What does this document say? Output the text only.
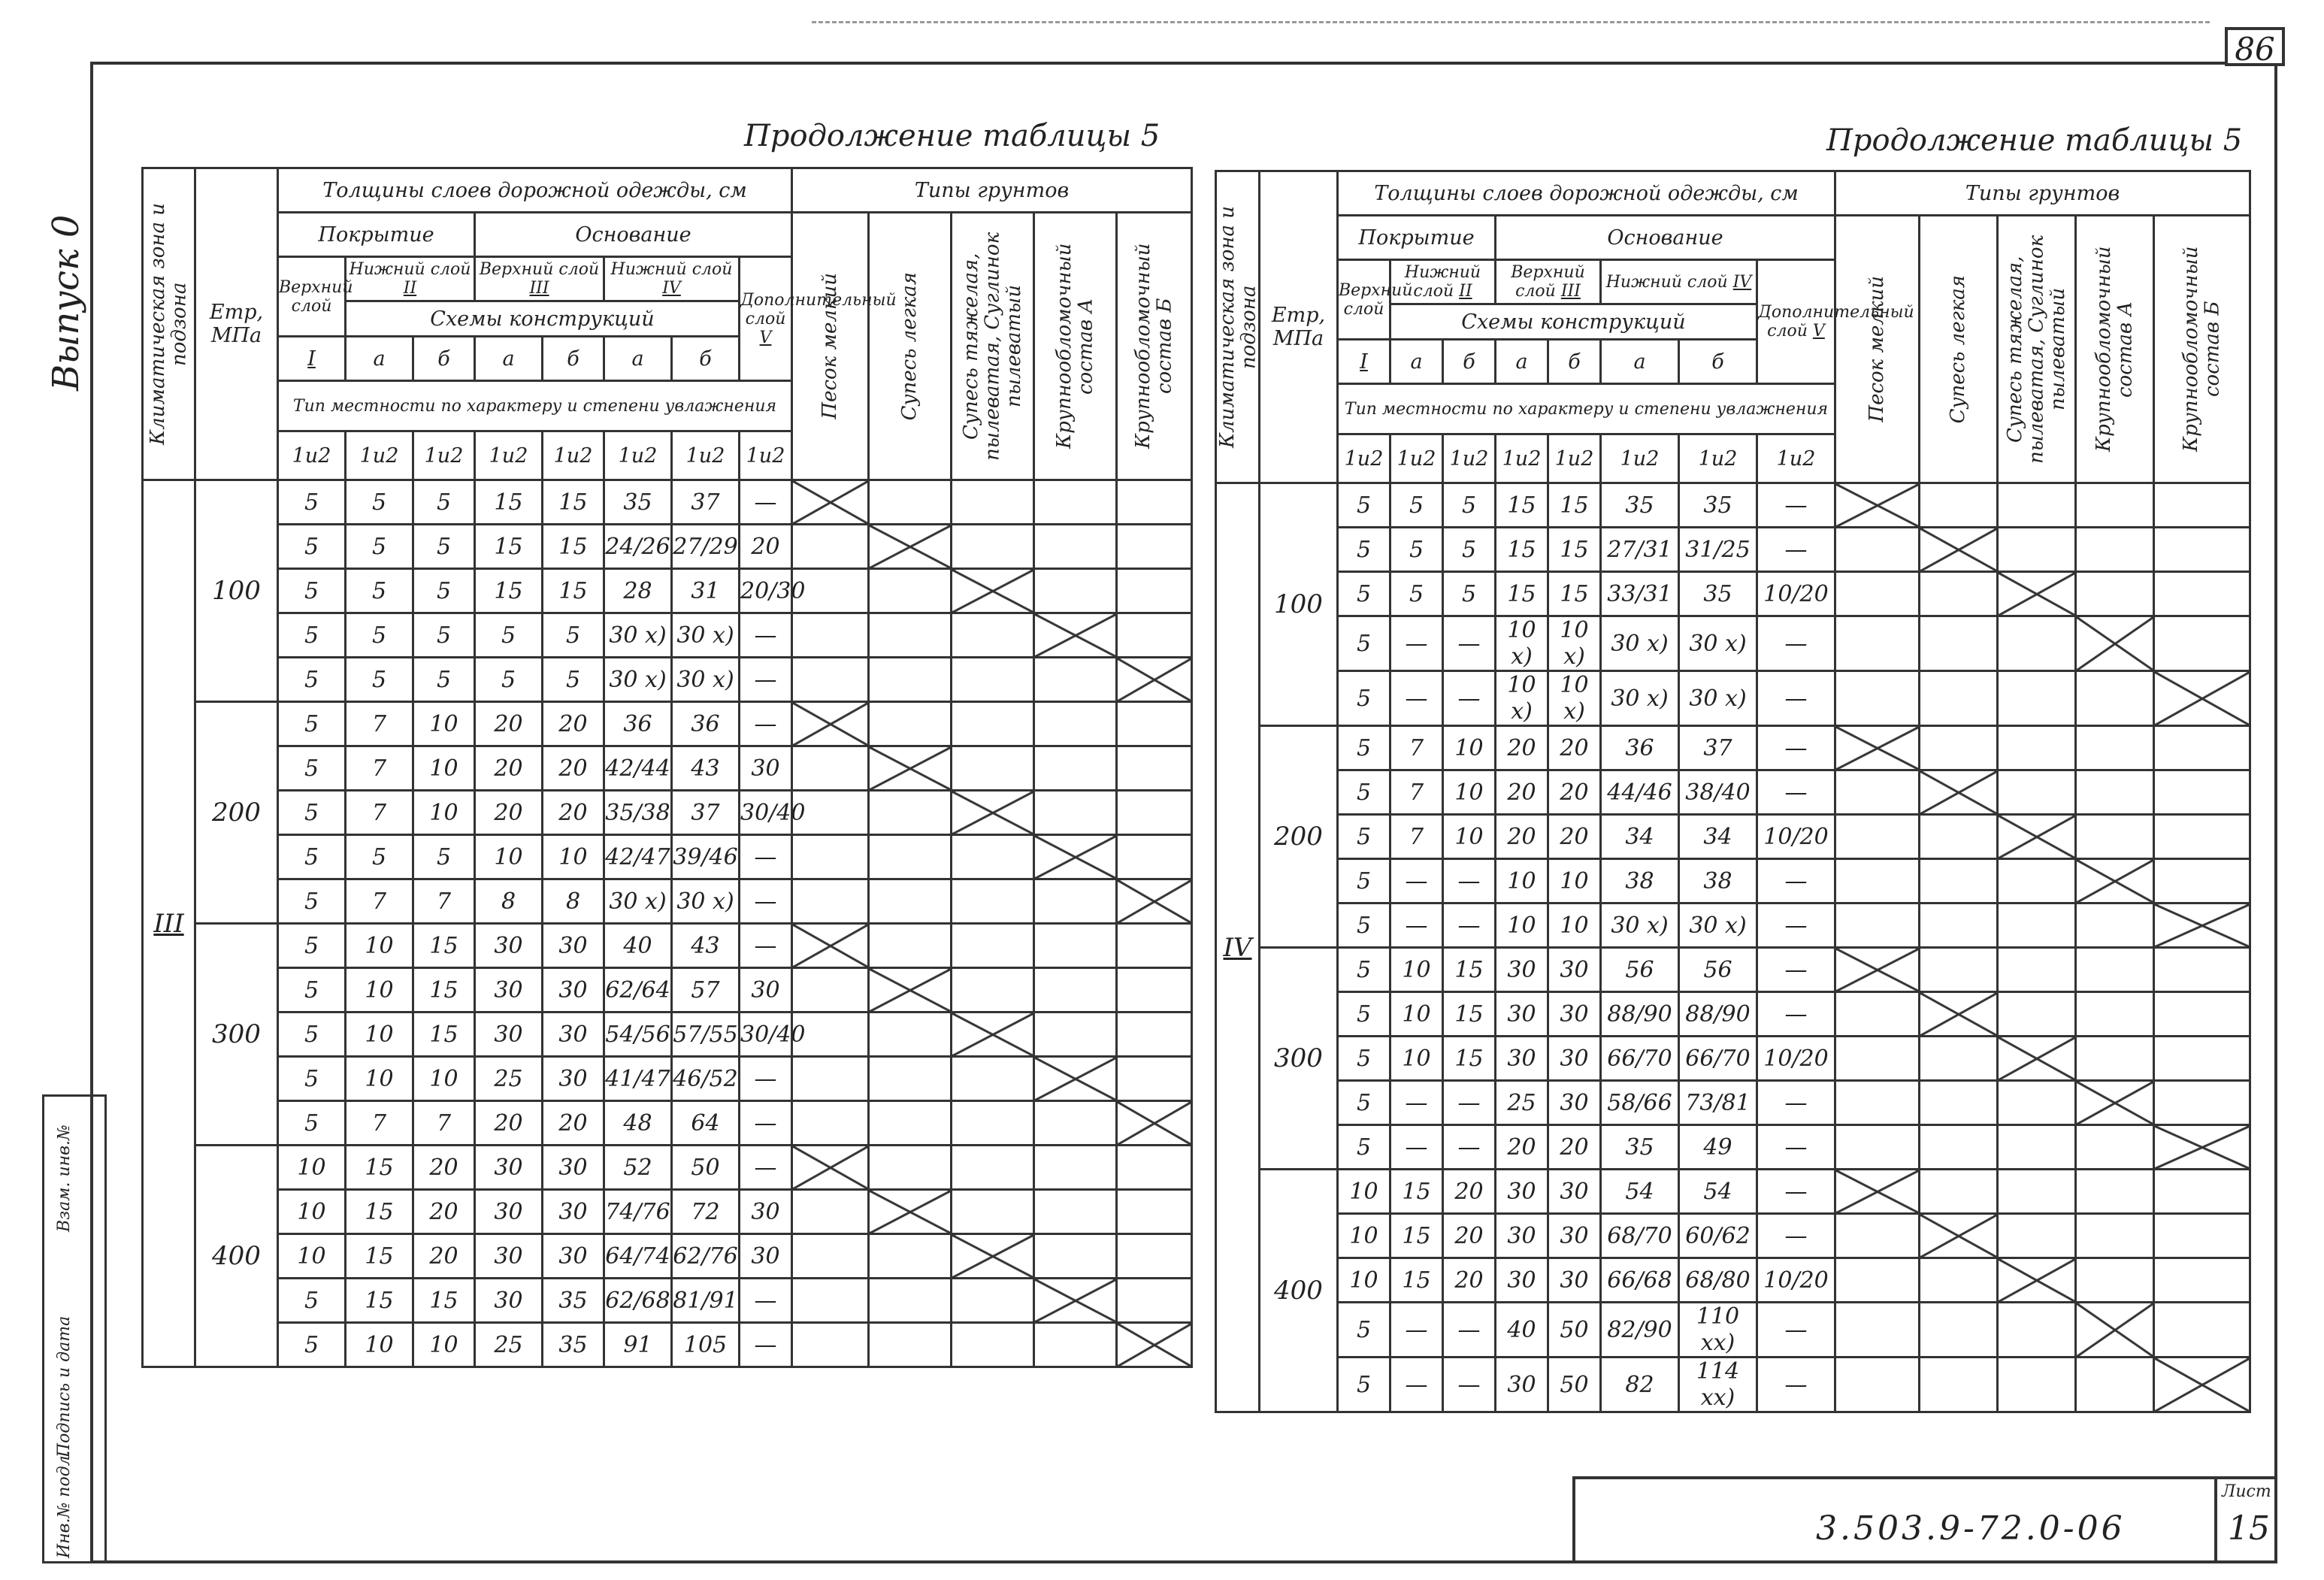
86
Выпуск 0
Инв.№ подл.
Подпись и дата
Взам. инв.№
Продолжение таблицы 5	Продолжение таблицы 5
Климатическая зона и подзона	Етр, МПа	Толщины слоев дорожной одежды, см								Типы грунтов				
		Покрытие			Основание					Песок мелкий	Супесь легкая	Супесь тяжелая, пылеватая, Суглинок пылеватый	Крупнообломочный состав А	Крупнообломочный состав Б

		Верхний слой	Нижний слой II		Верхний слой III		Нижний слой IV		Дополнительный слой V					
			Схемы конструкций											
		I	а	б	а	б	а	б						
		Тип местности по характеру и степени увлажнения												
		1и2	1и2	1и2	1и2	1и2	1и2	1и2	1и2					
III	100	5	5	5	15	15	35	37	—					
		5	5	5	15	15	24/26	27/29	20					
		5	5	5	15	15	28	31	20/30					
		5	5	5	5	5	30 x)	30 x)	—					
		5	5	5	5	5	30 x)	30 x)	—					
	200	5	7	10	20	20	36	36	—					
		5	7	10	20	20	42/44	43	30					
		5	7	10	20	20	35/38	37	30/40					
		5	5	5	10	10	42/47	39/46	—					
		5	7	7	8	8	30 x)	30 x)	—					
	300	5	10	15	30	30	40	43	—					
		5	10	15	30	30	62/64	57	30					
		5	10	15	30	30	54/56	57/55	30/40					
		5	10	10	25	30	41/47	46/52	—					
		5	7	7	20	20	48	64	—					
	400	10	15	20	30	30	52	50	—					
		10	15	20	30	30	74/76	72	30					
		10	15	20	30	30	64/74	62/76	30					
		5	15	15	30	35	62/68	81/91	—					
		5	10	10	25	35	91	105	—					
Климатическая зона и подзона	Етр, МПа	Толщины слоев дорожной одежды, см								Типы грунтов				
		Покрытие			Основание					Песок мелкий	Супесь легкая	Супесь тяжелая, пылеватая, Суглинок пылеватый	Крупнообломочный состав А	Крупнообломочный состав Б

		Верхний слой	Нижний слой II		Верхний слой III		Нижний слой IV		Дополнительный слой V					
			Схемы конструкций											
		I	а	б	а	б	а	б						
		Тип местности по характеру и степени увлажнения												
		1и2	1и2	1и2	1и2	1и2	1и2	1и2	1и2					
IV	100	5	5	5	15	15	35	35	—					
		5	5	5	15	15	27/31	31/25	—					
		5	5	5	15	15	33/31	35	10/20					
		5	—	—	10 x)	10 x)	30 x)	30 x)	—					
		5	—	—	10 x)	10 x)	30 x)	30 x)	—					
	200	5	7	10	20	20	36	37	—					
		5	7	10	20	20	44/46	38/40	—					
		5	7	10	20	20	34	34	10/20					
		5	—	—	10	10	38	38	—					
		5	—	—	10	10	30 x)	30 x)	—					
	300	5	10	15	30	30	56	56	—					
		5	10	15	30	30	88/90	88/90	—					
		5	10	15	30	30	66/70	66/70	10/20					
		5	—	—	25	30	58/66	73/81	—					
		5	—	—	20	20	35	49	—					
	400	10	15	20	30	30	54	54	—					
		10	15	20	30	30	68/70	60/62	—					
		10	15	20	30	30	66/68	68/80	10/20					
		5	—	—	40	50	82/90	110 xx)	—					
		5	—	—	30	50	82	114 xx)	—					
3.503.9-72.0-06
Лист
15
